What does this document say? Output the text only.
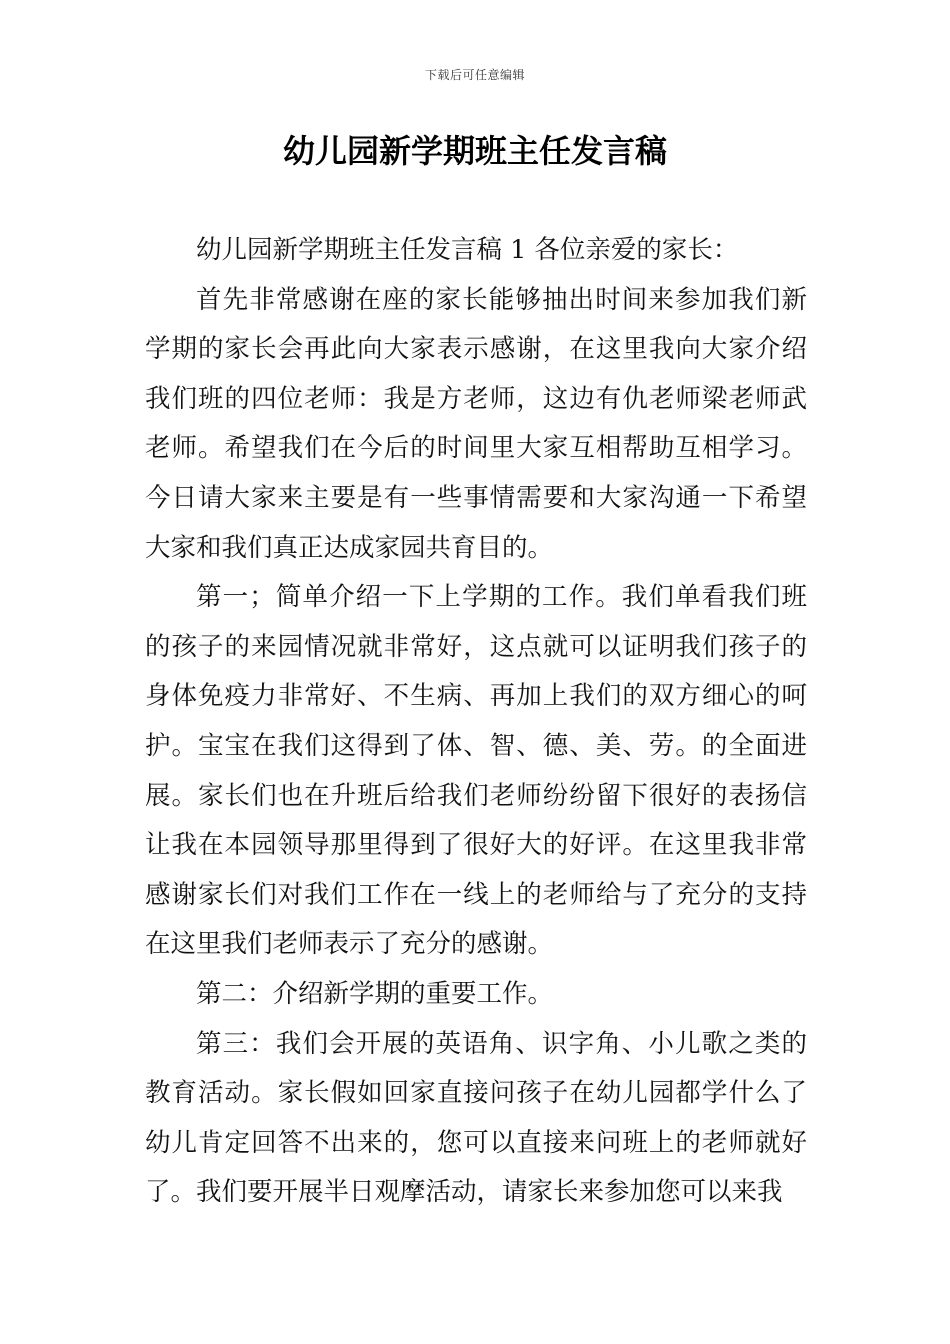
下载后可任意编辑
幼儿园新学期班主任发言稿

幼儿园新学期班主任发言稿 1 各位亲爱的家长：

首先非常感谢在座的家长能够抽出时间来参加我们新学期的家长会再此向大家表示感谢，在这里我向大家介绍我们班的四位老师：我是方老师，这边有仇老师梁老师武老师。希望我们在今后的时间里大家互相帮助互相学习。今日请大家来主要是有一些事情需要和大家沟通一下希望大家和我们真正达成家园共育目的。

第一；简单介绍一下上学期的工作。我们单看我们班的孩子的来园情况就非常好，这点就可以证明我们孩子的身体免疫力非常好、不生病、再加上我们的双方细心的呵护。宝宝在我们这得到了体、智、德、美、劳。的全面进展。家长们也在升班后给我们老师纷纷留下很好的表扬信让我在本园领导那里得到了很好大的好评。在这里我非常感谢家长们对我们工作在一线上的老师给与了充分的支持在这里我们老师表示了充分的感谢。

第二：介绍新学期的重要工作。

第三：我们会开展的英语角、识字角、小儿歌之类的教育活动。家长假如回家直接问孩子在幼儿园都学什么了幼儿肯定回答不出来的，您可以直接来问班上的老师就好了。我们要开展半日观摩活动，请家长来参加您可以来我
